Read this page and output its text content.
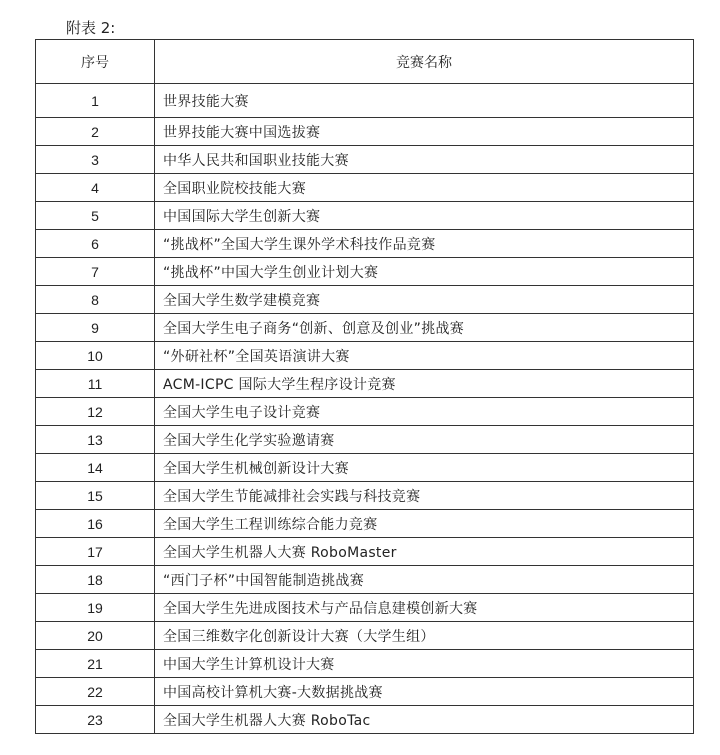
附表 2:
序号	竞赛名称
1	世界技能大赛
2	世界技能大赛中国选拔赛
3	中华人民共和国职业技能大赛
4	全国职业院校技能大赛
5	中国国际大学生创新大赛
6	“挑战杯”全国大学生课外学术科技作品竞赛
7	“挑战杯”中国大学生创业计划大赛
8	全国大学生数学建模竞赛
9	全国大学生电子商务“创新、创意及创业”挑战赛
10	“外研社杯”全国英语演讲大赛
11	ACM-ICPC 国际大学生程序设计竞赛
12	全国大学生电子设计竞赛
13	全国大学生化学实验邀请赛
14	全国大学生机械创新设计大赛
15	全国大学生节能减排社会实践与科技竞赛
16	全国大学生工程训练综合能力竞赛
17	全国大学生机器人大赛 RoboMaster
18	“西门子杯”中国智能制造挑战赛
19	全国大学生先进成图技术与产品信息建模创新大赛
20	全国三维数字化创新设计大赛（大学生组）
21	中国大学生计算机设计大赛
22	中国高校计算机大赛-大数据挑战赛
23	全国大学生机器人大赛 RoboTac
